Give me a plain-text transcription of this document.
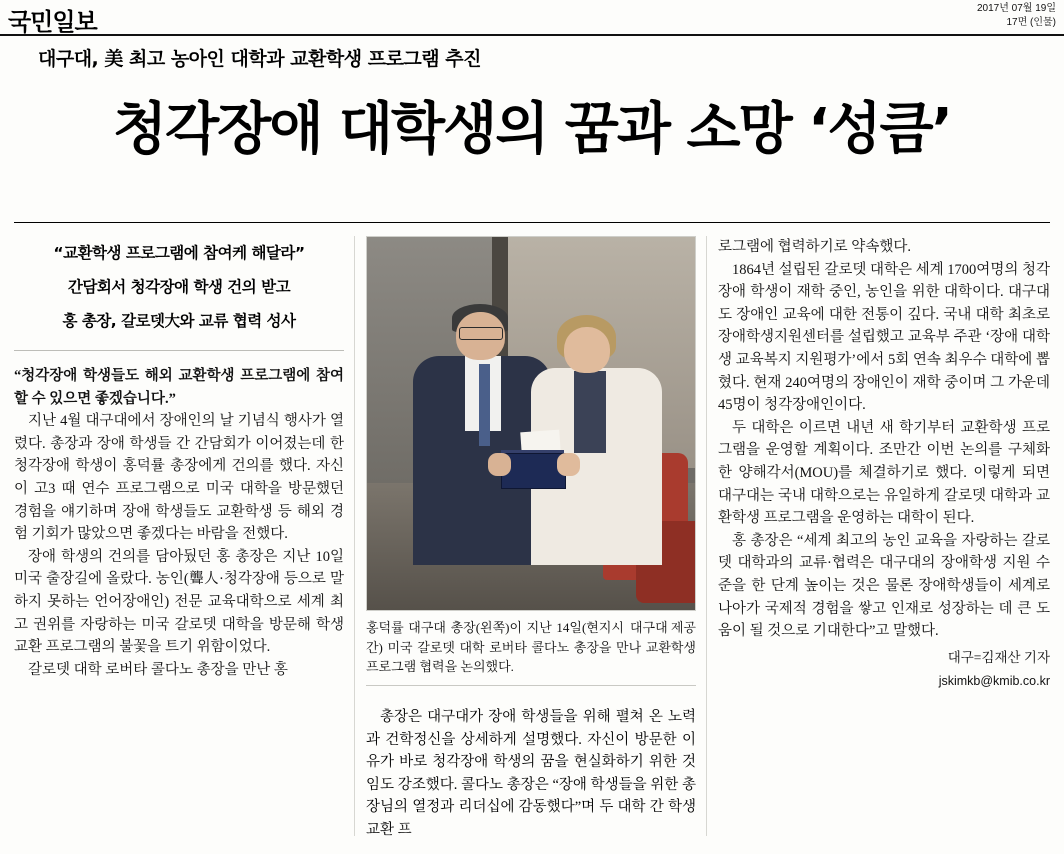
국민일보	2017년 07월 19일
17면 (인물)
대구대, 美 최고 농아인 대학과 교환학생 프로그램 추진
청각장애 대학생의 꿈과 소망 ‘성큼’
“교환학생 프로그램에 참여케 해달라”
간담회서 청각장애 학생 건의 받고
홍 총장, 갈로뎃大와 교류 협력 성사

“청각장애 학생들도 해외 교환학생 프로그램에 참여할 수 있으면 좋겠습니다.”

지난 4월 대구대에서 장애인의 날 기념식 행사가 열렸다. 총장과 장애 학생들 간 간담회가 이어졌는데 한 청각장애 학생이 홍덕률 총장에게 건의를 했다. 자신이 고3 때 연수 프로그램으로 미국 대학을 방문했던 경험을 얘기하며 장애 학생들도 교환학생 등 해외 경험 기회가 많았으면 좋겠다는 바람을 전했다.

장애 학생의 건의를 담아뒀던 홍 총장은 지난 10일 미국 출장길에 올랐다. 농인(聾人·청각장애 등으로 말하지 못하는 언어장애인) 전문 교육대학으로 세계 최고 권위를 자랑하는 미국 갈로뎃 대학을 방문해 학생 교환 프로그램의 불꽃을 트기 위함이었다.

갈로뎃 대학 로버타 콜다노 총장을 만난 홍

대구대 제공
홍덕률 대구대 총장(왼쪽)이 지난 14일(현지시간) 미국 갈로뎃 대학 로버타 콜다노 총장을 만나 교환학생 프로그램 협력을 논의했다.

총장은 대구대가 장애 학생들을 위해 펼쳐 온 노력과 건학정신을 상세하게 설명했다. 자신이 방문한 이유가 바로 청각장애 학생의 꿈을 현실화하기 위한 것임도 강조했다. 콜다노 총장은 “장애 학생들을 위한 총장님의 열정과 리더십에 감동했다”며 두 대학 간 학생 교환 프

로그램에 협력하기로 약속했다.

1864년 설립된 갈로뎃 대학은 세계 1700여명의 청각장애 학생이 재학 중인, 농인을 위한 대학이다. 대구대도 장애인 교육에 대한 전통이 깊다. 국내 대학 최초로 장애학생지원센터를 설립했고 교육부 주관 ‘장애 대학생 교육복지 지원평가’에서 5회 연속 최우수 대학에 뽑혔다. 현재 240여명의 장애인이 재학 중이며 그 가운데 45명이 청각장애인이다.

두 대학은 이르면 내년 새 학기부터 교환학생 프로그램을 운영할 계획이다. 조만간 이번 논의를 구체화한 양해각서(MOU)를 체결하기로 했다. 이렇게 되면 대구대는 국내 대학으로는 유일하게 갈로뎃 대학과 교환학생 프로그램을 운영하는 대학이 된다.

홍 총장은 “세계 최고의 농인 교육을 자랑하는 갈로뎃 대학과의 교류·협력은 대구대의 장애학생 지원 수준을 한 단계 높이는 것은 물론 장애학생들이 세계로 나아가 국제적 경험을 쌓고 인재로 성장하는 데 큰 도움이 될 것으로 기대한다”고 말했다.

대구=김재산 기자
jskimkb@kmib.co.kr
